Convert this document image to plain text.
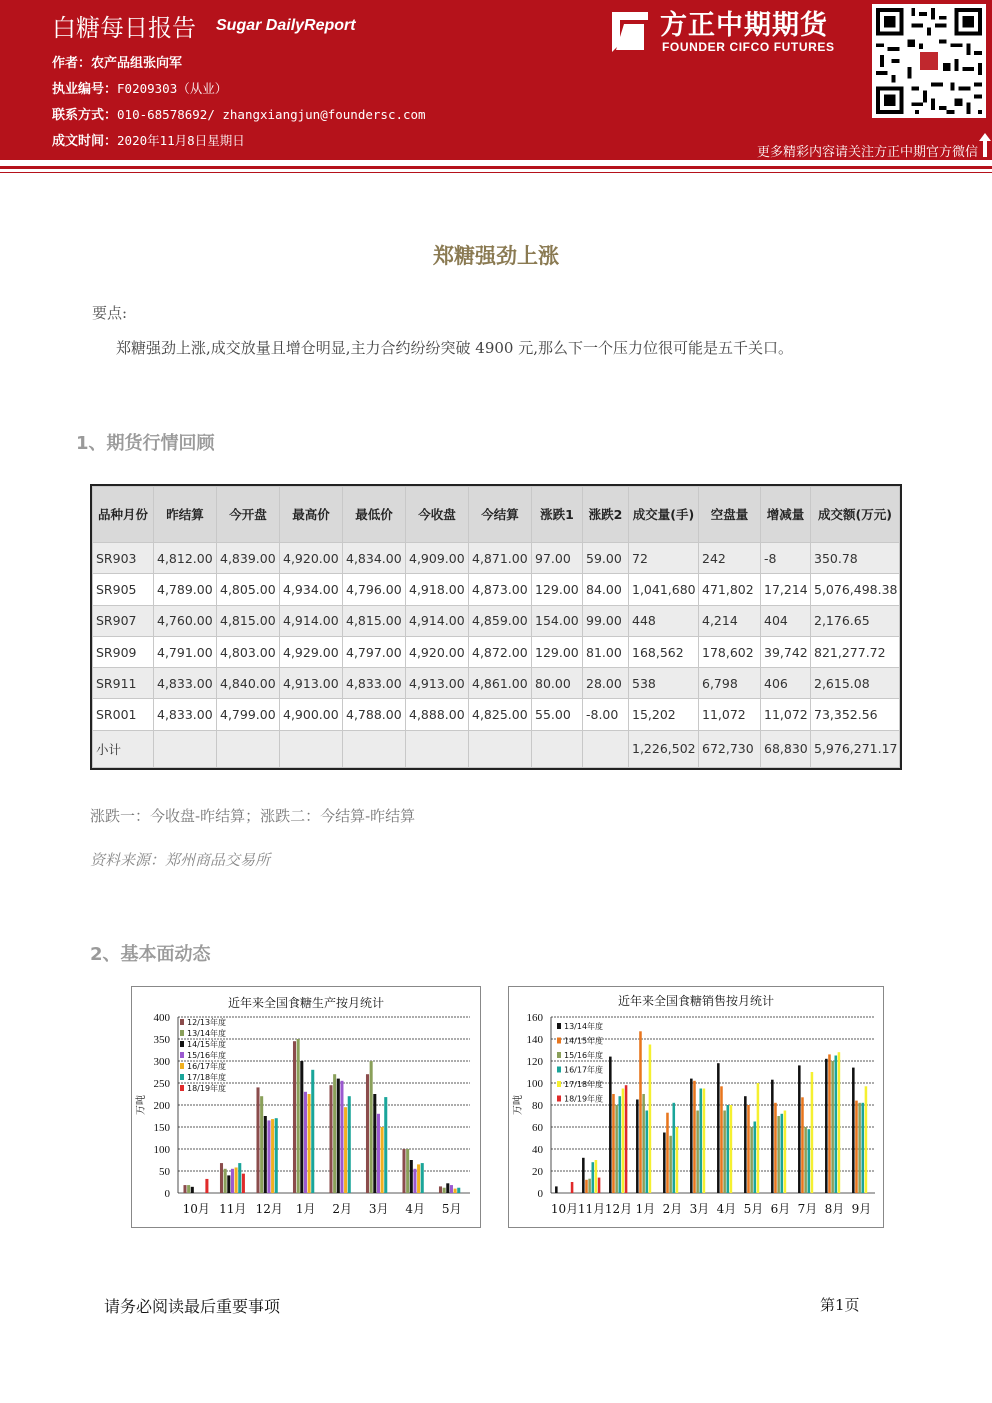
白糖每日报告 Sugar DailyReport
作者：农产品组张向军
执业编号：F0209303（从业）
联系方式：010-68578692/ zhangxiangjun@foundersc.com
成文时间：2020年11月8日星期日
方正中期期货
FOUNDER CIFCO FUTURES
更多精彩内容请关注方正中期官方微信
郑糖强劲上涨
要点:
郑糖强劲上涨,成交放量且增仓明显,主力合约纷纷突破 4900 元,那么下一个压力位很可能是五千关口。
1、期货行情回顾
品种月份	昨结算	今开盘	最高价	最低价	今收盘	今结算	涨跌1	涨跌2	成交量(手)	空盘量	增减量	成交额(万元)
SR903	4,812.00	4,839.00	4,920.00	4,834.00	4,909.00	4,871.00	97.00	59.00	72	242	-8	350.78
SR905	4,789.00	4,805.00	4,934.00	4,796.00	4,918.00	4,873.00	129.00	84.00	1,041,680	471,802	17,214	5,076,498.38
SR907	4,760.00	4,815.00	4,914.00	4,815.00	4,914.00	4,859.00	154.00	99.00	448	4,214	404	2,176.65
SR909	4,791.00	4,803.00	4,929.00	4,797.00	4,920.00	4,872.00	129.00	81.00	168,562	178,602	39,742	821,277.72
SR911	4,833.00	4,840.00	4,913.00	4,833.00	4,913.00	4,861.00	80.00	28.00	538	6,798	406	2,615.08
SR001	4,833.00	4,799.00	4,900.00	4,788.00	4,888.00	4,825.00	55.00	-8.00	15,202	11,072	11,072	73,352.56
小计									1,226,502	672,730	68,830	5,976,271.17
涨跌一：今收盘-昨结算；涨跌二：今结算-昨结算
资料来源：郑州商品交易所
2、基本面动态
近年来全国食糖生产按月统计
0
50
100
150
200
250
300
350
400
万吨
10月 11月 12月 1月 2月 3月 4月 5月
12/13年度
13/14年度
14/15年度
15/16年度
16/17年度
17/18年度
18/19年度
近年来全国食糖销售按月统计
0
20
40
60
80
100
120
140
160
万吨
10月 11月 12月 1月 2月 3月 4月 5月 6月 7月 8月 9月
13/14年度
14/15年度
15/16年度
16/17年度
17/18年度
18/19年度
请务必阅读最后重要事项	第1页
